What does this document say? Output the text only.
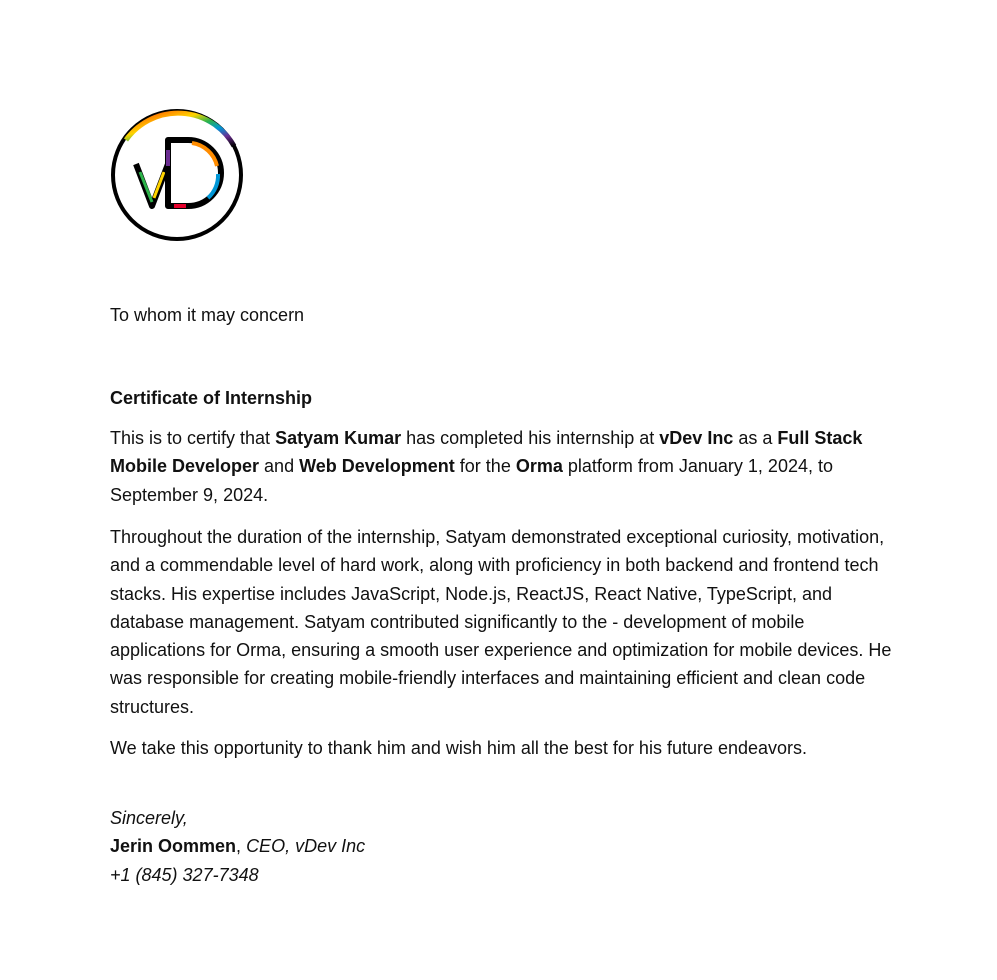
To whom it may concern

Certificate of Internship

This is to certify that Satyam Kumar has completed his internship at vDev Inc as a Full Stack Mobile Developer and Web Development for the Orma platform from January 1, 2024, to September 9, 2024.

Throughout the duration of the internship, Satyam demonstrated exceptional curiosity, motivation, and a commendable level of hard work, along with proficiency in both backend and frontend tech stacks. His expertise includes JavaScript, Node.js, ReactJS, React Native, TypeScript, and database management. Satyam contributed significantly to the - development of mobile applications for Orma, ensuring a smooth user experience and optimization for mobile devices. He was responsible for creating mobile-friendly interfaces and maintaining efficient and clean code structures.

We take this opportunity to thank him and wish him all the best for his future endeavors.

Sincerely,
Jerin Oommen, CEO, vDev Inc
+1 (845) 327-7348
